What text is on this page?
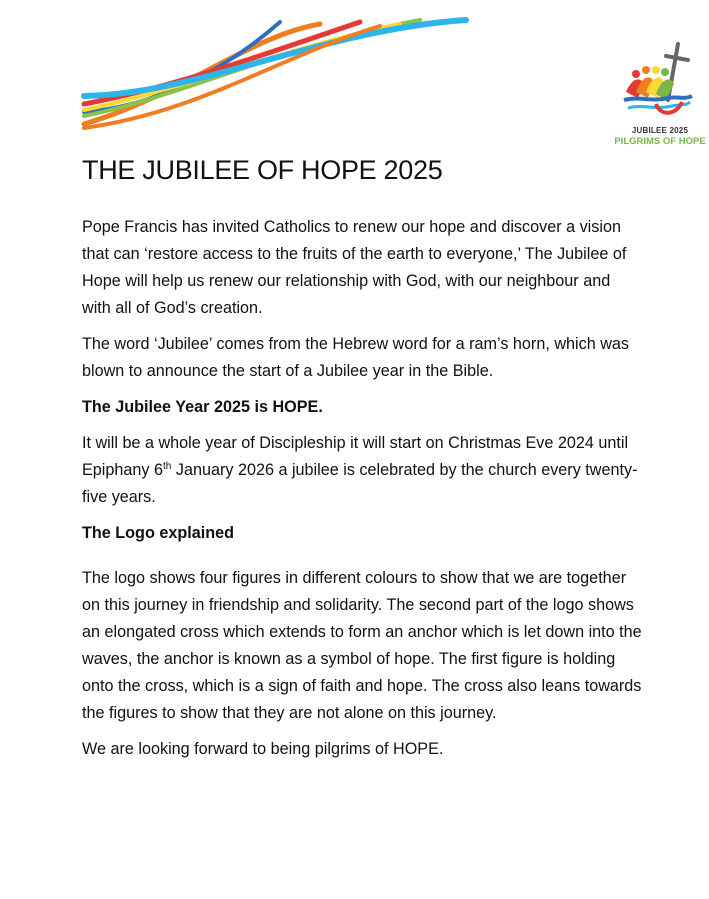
JUBILEE 2025
PILGRIMS OF HOPE
THE JUBILEE OF HOPE 2025

Pope Francis has invited Catholics to renew our hope and discover a vision that can ‘restore access to the fruits of the earth to everyone,’ The Jubilee of Hope will help us renew our relationship with God, with our neighbour and with all of God’s creation.

The word ‘Jubilee’ comes from the Hebrew word for a ram’s horn, which was blown to announce the start of a Jubilee year in the Bible.

The Jubilee Year 2025 is HOPE.

It will be a whole year of Discipleship it will start on Christmas Eve 2024 until Epiphany 6th January 2026 a jubilee is celebrated by the church every twenty-five years.

The Logo explained

The logo shows four figures in different colours to show that we are together on this journey in friendship and solidarity. The second part of the logo shows an elongated cross which extends to form an anchor which is let down into the waves, the anchor is known as a symbol of hope. The first figure is holding onto the cross, which is a sign of faith and hope. The cross also leans towards the figures to show that they are not alone on this journey.

We are looking forward to being pilgrims of HOPE.
